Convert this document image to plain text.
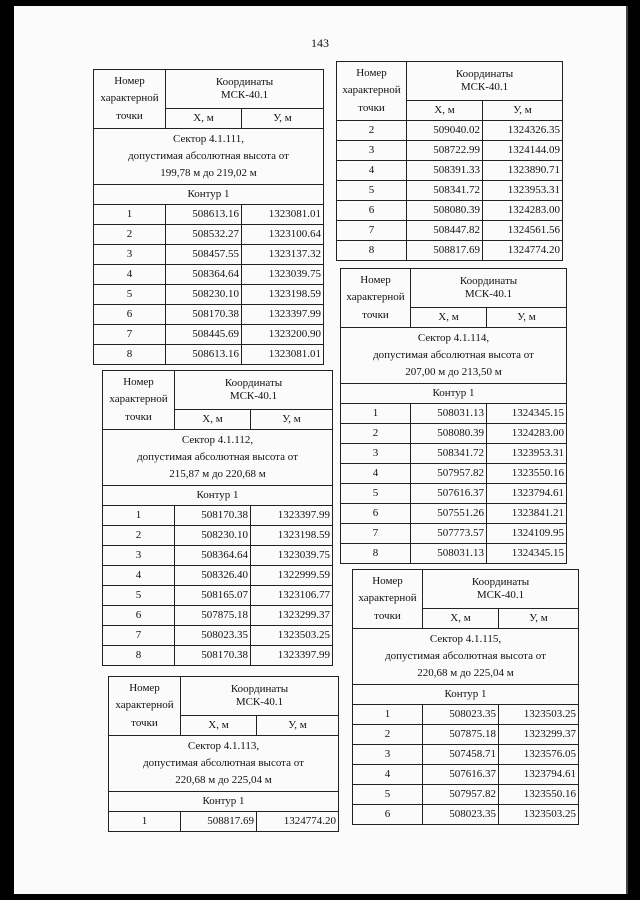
143
Номер
характерной
точки	Координаты
МСК-40.1	
	X, м	У, м
Сектор 4.1.111,
допустимая абсолютная высота от
199,78 м до 219,02 м		
Контур 1		
1	508613.16	1323081.01
2	508532.27	1323100.64
3	508457.55	1323137.32
4	508364.64	1323039.75
5	508230.10	1323198.59
6	508170.38	1323397.99
7	508445.69	1323200.90
8	508613.16	1323081.01
Номер
характерной
точки	Координаты
МСК-40.1	
	X, м	У, м
Сектор 4.1.112,
допустимая абсолютная высота от
215,87 м до 220,68 м		
Контур 1		
1	508170.38	1323397.99
2	508230.10	1323198.59
3	508364.64	1323039.75
4	508326.40	1322999.59
5	508165.07	1323106.77
6	507875.18	1323299.37
7	508023.35	1323503.25
8	508170.38	1323397.99
Номер
характерной
точки	Координаты
МСК-40.1	
	X, м	У, м
Сектор 4.1.113,
допустимая абсолютная высота от
220,68 м до 225,04 м		
Контур 1		
1	508817.69	1324774.20
Номер
характерной
точки	Координаты
МСК-40.1	
	X, м	У, м
2	509040.02	1324326.35
3	508722.99	1324144.09
4	508391.33	1323890.71
5	508341.72	1323953.31
6	508080.39	1324283.00
7	508447.82	1324561.56
8	508817.69	1324774.20
Номер
характерной
точки	Координаты
МСК-40.1	
	X, м	У, м
Сектор 4.1.114,
допустимая абсолютная высота от
207,00 м до 213,50 м		
Контур 1		
1	508031.13	1324345.15
2	508080.39	1324283.00
3	508341.72	1323953.31
4	507957.82	1323550.16
5	507616.37	1323794.61
6	507551.26	1323841.21
7	507773.57	1324109.95
8	508031.13	1324345.15
Номер
характерной
точки	Координаты
МСК-40.1	
	X, м	У, м
Сектор 4.1.115,
допустимая абсолютная высота от
220,68 м до 225,04 м		
Контур 1		
1	508023.35	1323503.25
2	507875.18	1323299.37
3	507458.71	1323576.05
4	507616.37	1323794.61
5	507957.82	1323550.16
6	508023.35	1323503.25
